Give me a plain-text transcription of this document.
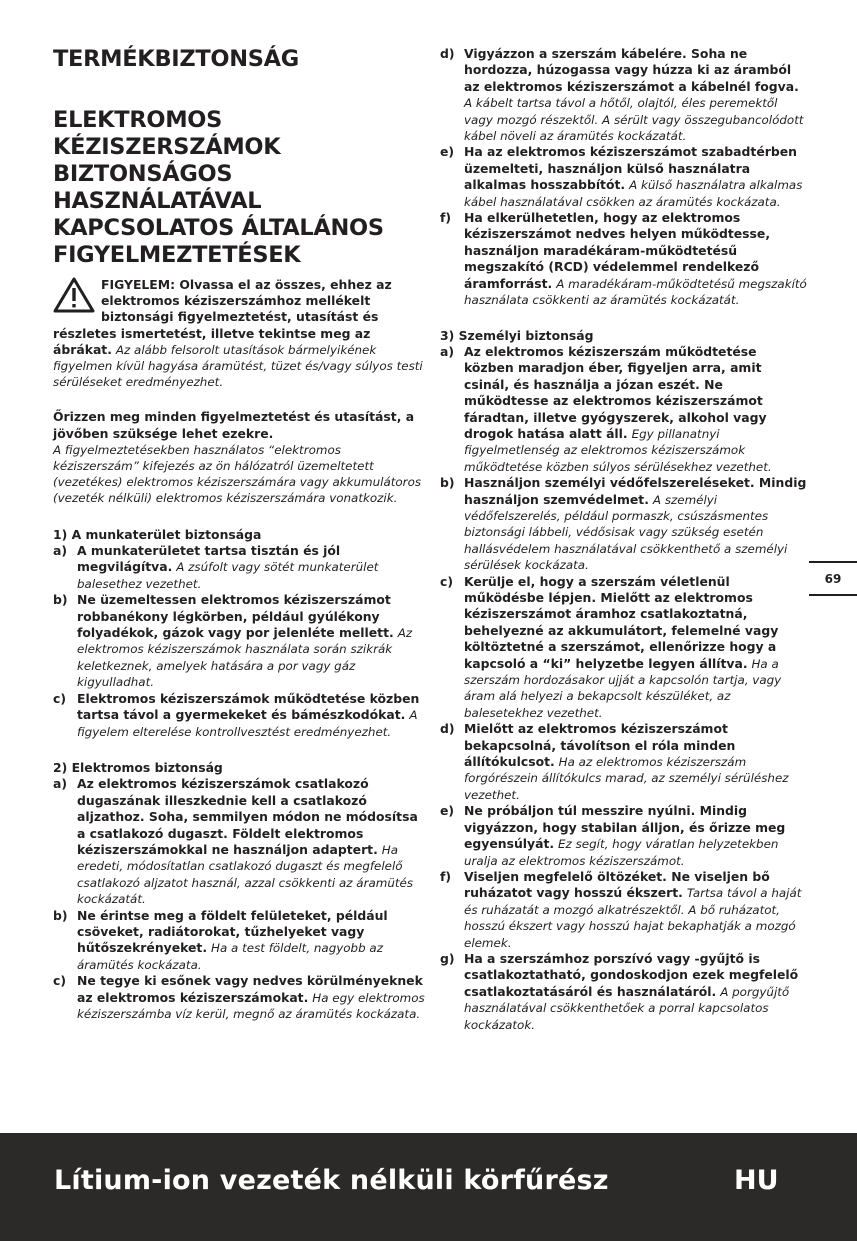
TERMÉKBIZTONSÁG
ELEKTROMOS
KÉZISZERSZÁMOK
BIZTONSÁGOS
HASZNÁLATÁVAL
KAPCSOLATOS ÁLTALÁNOS
FIGYELMEZTETÉSEK
FIGYELEM: Olvassa el az összes, ehhez az elektromos kéziszerszámhoz mellékelt biztonsági figyelmeztetést, utasítást és részletes ismertetést, illetve tekintse meg az ábrákat. Az alább felsorolt utasítások bármelyikének figyelmen kívül hagyása áramütést, tüzet és/vagy súlyos testi sérüléseket eredményezhet.
Őrizzen meg minden figyelmeztetést és utasítást, a jövőben szüksége lehet ezekre.
A figyelmeztetésekben használatos “elektromos kéziszerszám” kifejezés az ön hálózatról üzemeltetett (vezetékes) elektromos kéziszerszámára vagy akkumulátoros (vezeték nélküli) elektromos kéziszerszámára vonatkozik.
1) A munkaterület biztonsága
a) A munkaterületet tartsa tisztán és jól megvilágítva. A zsúfolt vagy sötét munkaterület balesethez vezethet.
b) Ne üzemeltessen elektromos kéziszerszámot robbanékony légkörben, például gyúlékony folyadékok, gázok vagy por jelenléte mellett. Az elektromos kéziszerszámok használata során szikrák keletkeznek, amelyek hatására a por vagy gáz kigyulladhat.
c) Elektromos kéziszerszámok működtetése közben tartsa távol a gyermekeket és bámészkodókat. A figyelem elterelése kontrollvesztést eredményezhet.
2) Elektromos biztonság
a) Az elektromos kéziszerszámok csatlakozó dugaszának illeszkednie kell a csatlakozó aljzathoz. Soha, semmilyen módon ne módosítsa a csatlakozó dugaszt. Földelt elektromos kéziszerszámokkal ne használjon adaptert. Ha eredeti, módosítatlan csatlakozó dugaszt és megfelelő csatlakozó aljzatot használ, azzal csökkenti az áramütés kockázatát.
b) Ne érintse meg a földelt felületeket, például csöveket, radiátorokat, tűzhelyeket vagy hűtőszekrényeket. Ha a test földelt, nagyobb az áramütés kockázata.
c) Ne tegye ki esőnek vagy nedves körülményeknek az elektromos kéziszerszámokat. Ha egy elektromos kéziszerszámba víz kerül, megnő az áramütés kockázata.
d) Vigyázzon a szerszám kábelére. Soha ne hordozza, húzogassa vagy húzza ki az áramból az elektromos kéziszerszámot a kábelnél fogva. A kábelt tartsa távol a hőtől, olajtól, éles peremektől vagy mozgó részektől. A sérült vagy összegubancolódott kábel növeli az áramütés kockázatát.
e) Ha az elektromos kéziszerszámot szabadtérben üzemelteti, használjon külső használatra alkalmas hosszabbítót. A külső használatra alkalmas kábel használatával csökken az áramütés kockázata.
f) Ha elkerülhetetlen, hogy az elektromos kéziszerszámot nedves helyen működtesse, használjon maradékáram-működtetésű megszakító (RCD) védelemmel rendelkező áramforrást. A maradékáram-működtetésű megszakító használata csökkenti az áramütés kockázatát.
3) Személyi biztonság
a) Az elektromos kéziszerszám működtetése közben maradjon éber, figyeljen arra, amit csinál, és használja a józan eszét. Ne működtesse az elektromos kéziszerszámot fáradtan, illetve gyógyszerek, alkohol vagy drogok hatása alatt áll. Egy pillanatnyi figyelmetlenség az elektromos kéziszerszámok működtetése közben súlyos sérülésekhez vezethet.
b) Használjon személyi védőfelszereléseket. Mindig használjon szemvédelmet. A személyi védőfelszerelés, például pormaszk, csúszásmentes biztonsági lábbeli, védősisak vagy szükség esetén hallásvédelem használatával csökkenthető a személyi sérülések kockázata.
c) Kerülje el, hogy a szerszám véletlenül működésbe lépjen. Mielőtt az elektromos kéziszerszámot áramhoz csatlakoztatná, behelyezné az akkumulátort, felemelné vagy költöztetné a szerszámot, ellenőrizze hogy a kapcsoló a “ki” helyzetbe legyen állítva. Ha a szerszám hordozásakor ujját a kapcsolón tartja, vagy áram alá helyezi a bekapcsolt készüléket, az balesetekhez vezethet.
d) Mielőtt az elektromos kéziszerszámot bekapcsolná, távolítson el róla minden állítókulcsot. Ha az elektromos kéziszerszám forgórészein állítókulcs marad, az személyi sérüléshez vezethet.
e) Ne próbáljon túl messzire nyúlni. Mindig vigyázzon, hogy stabilan álljon, és őrizze meg egyensúlyát. Ez segít, hogy váratlan helyzetekben uralja az elektromos kéziszerszámot.
f) Viseljen megfelelő öltözéket. Ne viseljen bő ruházatot vagy hosszú ékszert. Tartsa távol a haját és ruházatát a mozgó alkatrészektől. A bő ruházatot, hosszú ékszert vagy hosszú hajat bekaphatják a mozgó elemek.
g) Ha a szerszámhoz porszívó vagy -gyűjtő is csatlakoztatható, gondoskodjon ezek megfelelő csatlakoztatásáról és használatáról. A porgyűjtő használatával csökkenthetőek a porral kapcsolatos kockázatok.
69
Lítium-ion vezeték nélküli körfűrész	HU
